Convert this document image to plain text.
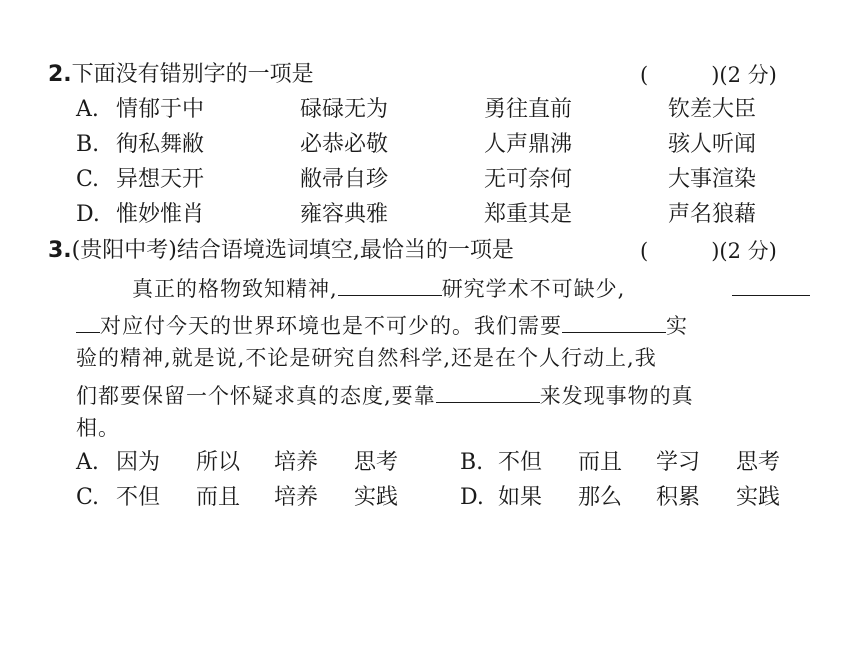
2.下面没有错别字的一项是	(　　　)(2 分)
A. 情郁于中	碌碌无为	勇往直前	钦差大臣
B. 徇私舞敝	必恭必敬	人声鼎沸	骇人听闻
C. 异想天开	敝帚自珍	无可奈何	大事渲染
D. 惟妙惟肖	雍容典雅	郑重其是	声名狼藉
3.(贵阳中考)结合语境选词填空,最恰当的一项是	(　　　)(2 分)
真正的格物致知精神,	研究学术不可缺少,
对应付今天的世界环境也是不可少的。我们需要	实
验的精神,就是说,不论是研究自然科学,还是在个人行动上,我
们都要保留一个怀疑求真的态度,要靠	来发现事物的真
相。
A. 因为 所以 培养 思考	B. 不但 而且 学习 思考
C. 不但 而且 培养 实践	D. 如果 那么 积累 实践
